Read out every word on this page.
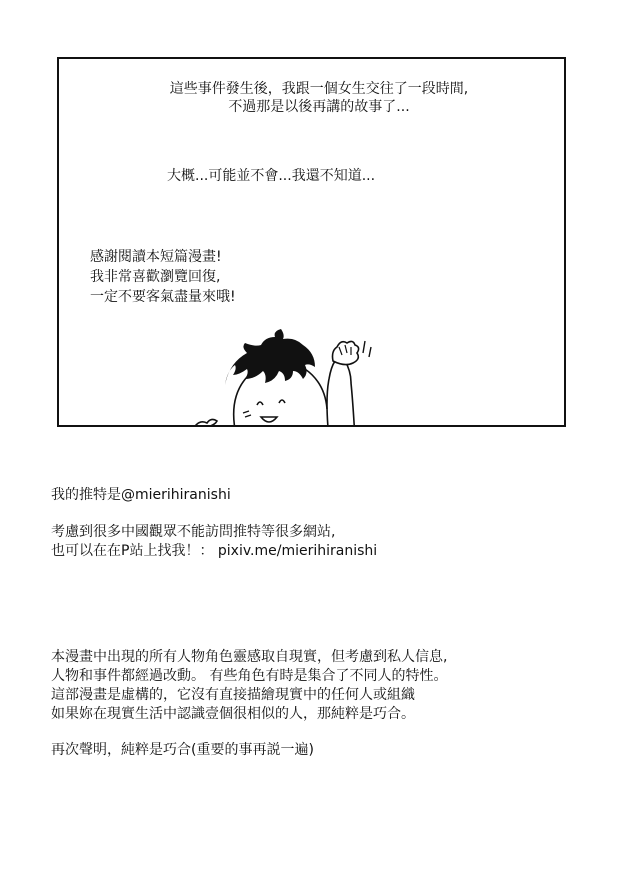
這些事件發生後，我跟一個女生交往了一段時間,
不過那是以後再講的故事了...

大概...可能並不會...我還不知道...

感謝閱讀本短篇漫畫!
我非常喜歡瀏覽回復,
一定不要客氣盡量來哦!

我的推特是@mierihiranishi

考慮到很多中國觀眾不能訪問推特等很多網站,
也可以在在P站上找我！： pixiv.me/mierihiranishi
本漫畫中出現的所有人物角色靈感取自現實，但考慮到私人信息,
人物和事件都經過改動。 有些角色有時是集合了不同人的特性。
這部漫畫是虛構的，它沒有直接描繪現實中的任何人或組織
如果妳在現實生活中認識壹個很相似的人，那純粹是巧合。

再次聲明，純粹是巧合(重要的事再説一遍)
